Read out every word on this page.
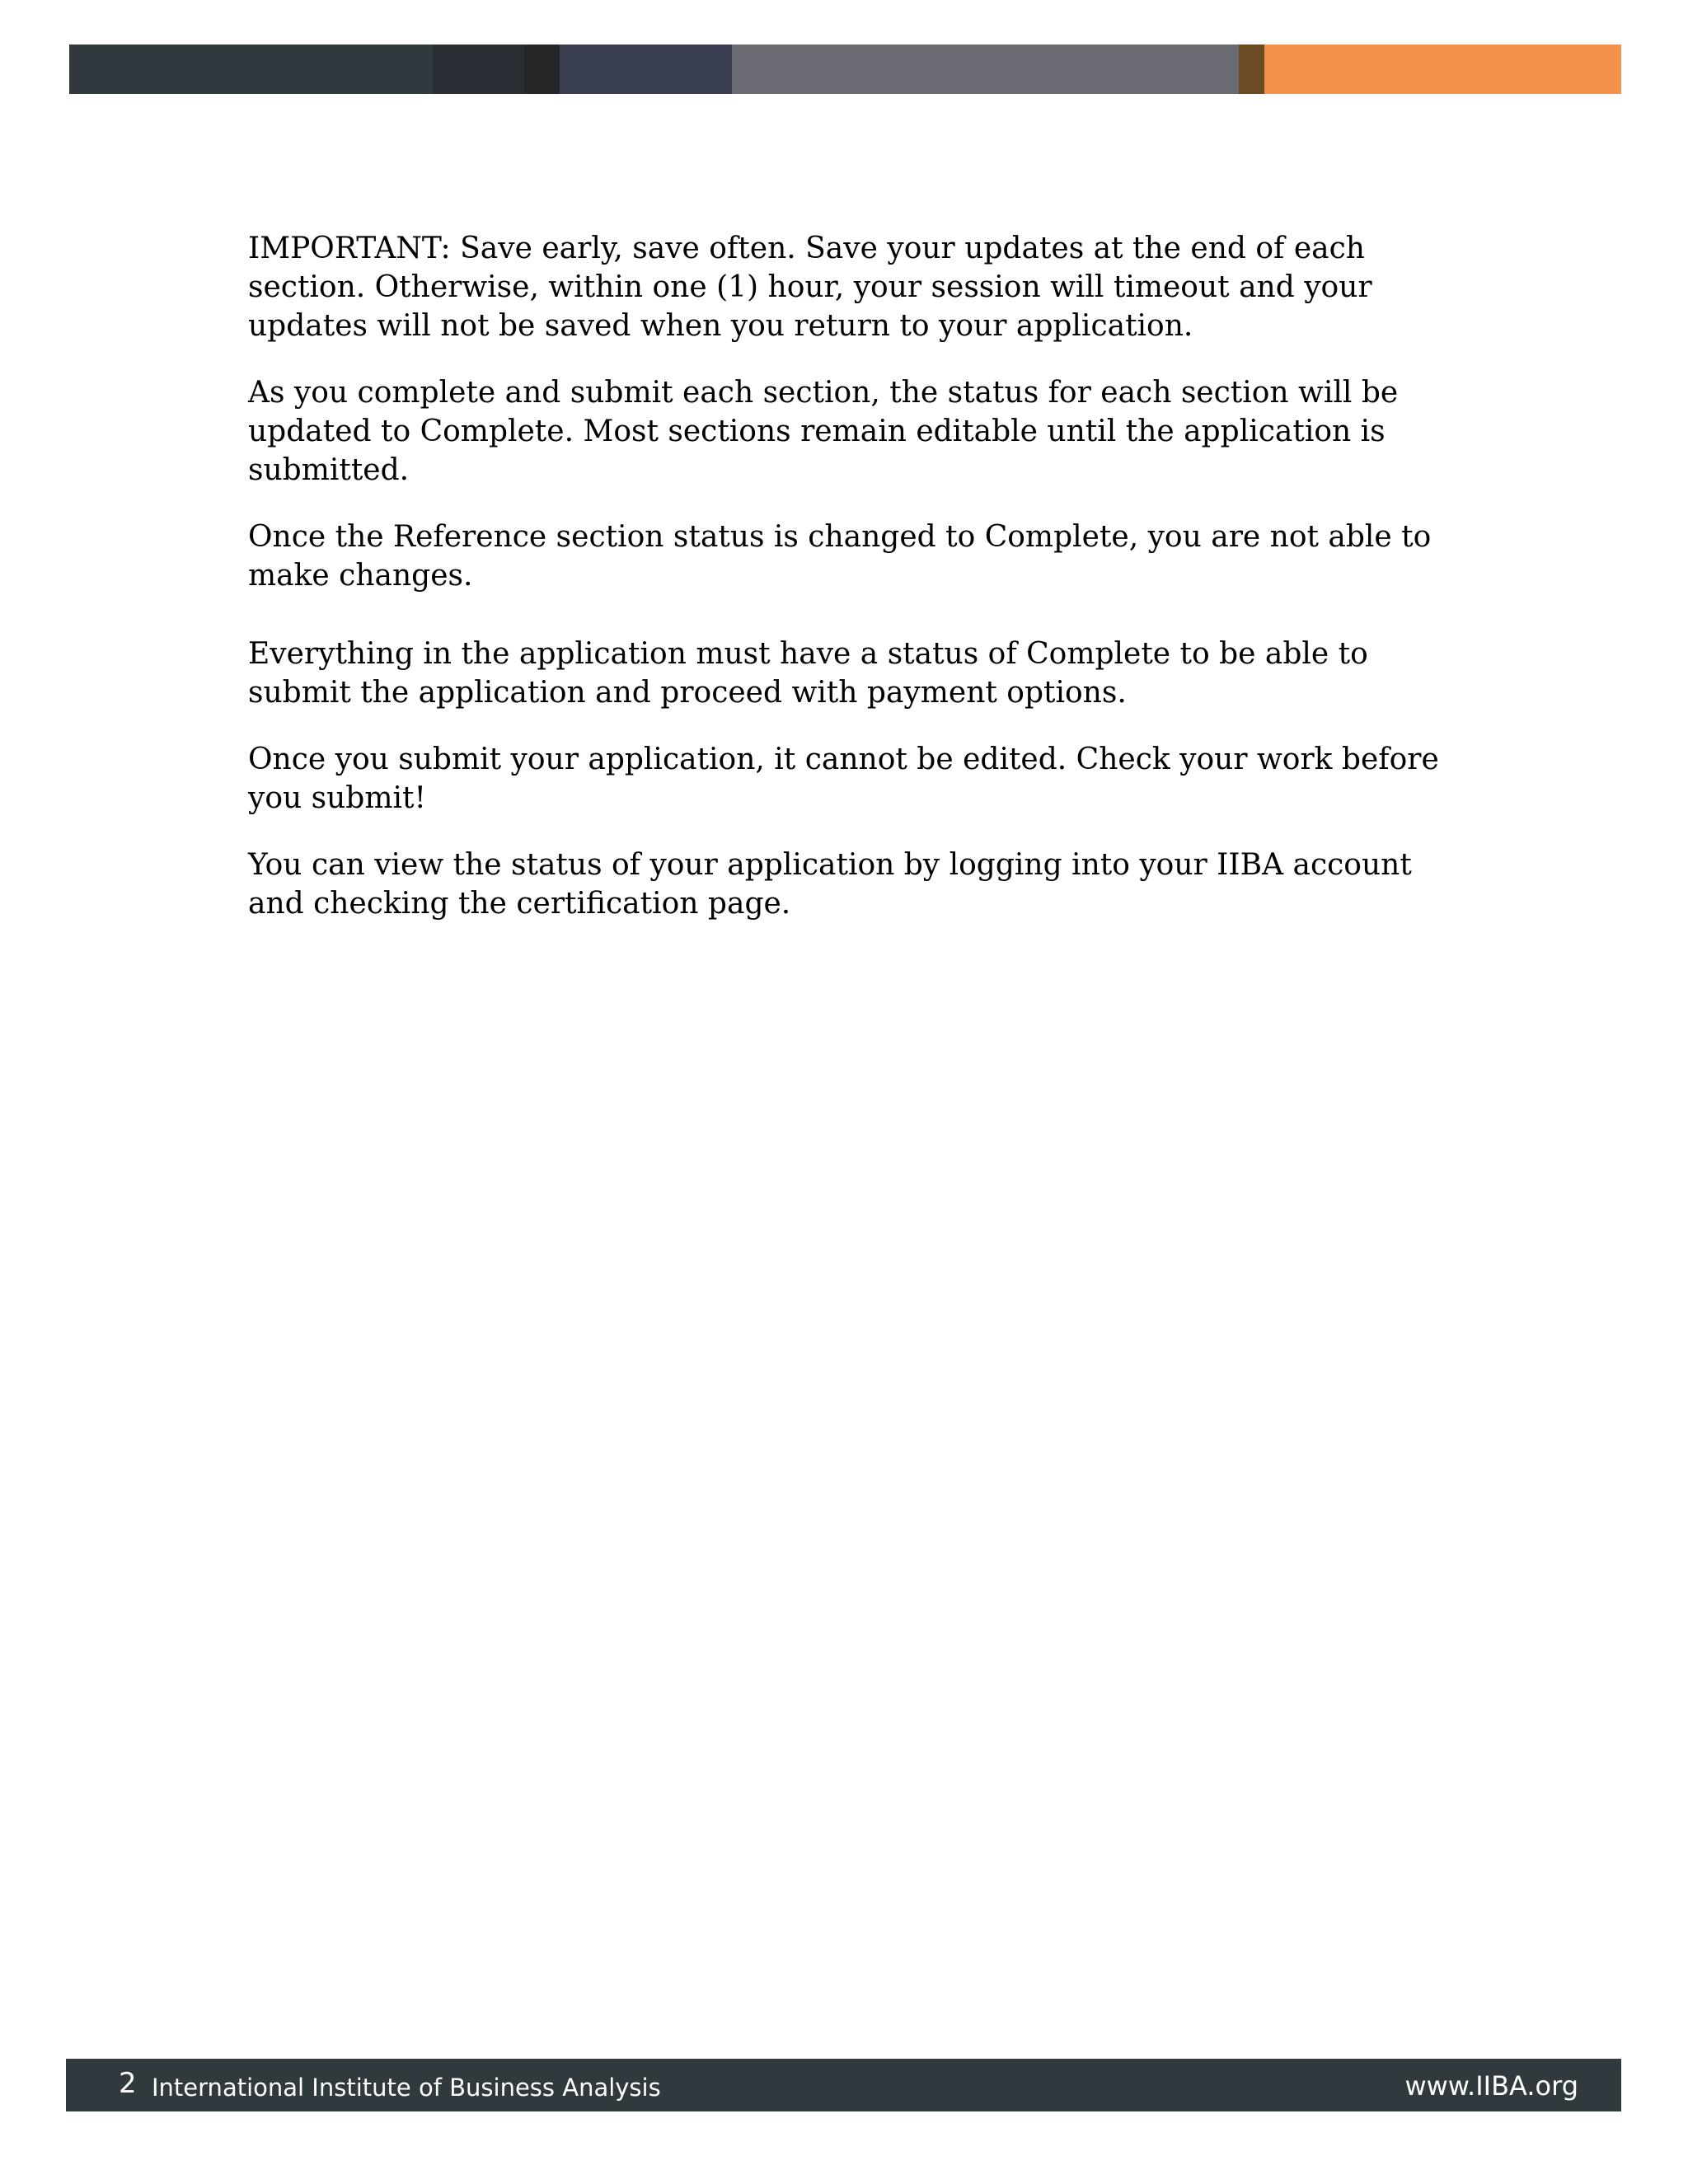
IMPORTANT: Save early, save often. Save your updates at the end of each section. Otherwise, within one (1) hour, your session will timeout and your updates will not be saved when you return to your application.

As you complete and submit each section, the status for each section will be updated to Complete. Most sections remain editable until the application is submitted.

Once the Reference section status is changed to Complete, you are not able to make changes.

Everything in the application must have a status of Complete to be able to submit the application and proceed with payment options.

Once you submit your application, it cannot be edited. Check your work before you submit!

You can view the status of your application by logging into your IIBA account and checking the certification page.

2 International Institute of Business Analysis	www.IIBA.org
